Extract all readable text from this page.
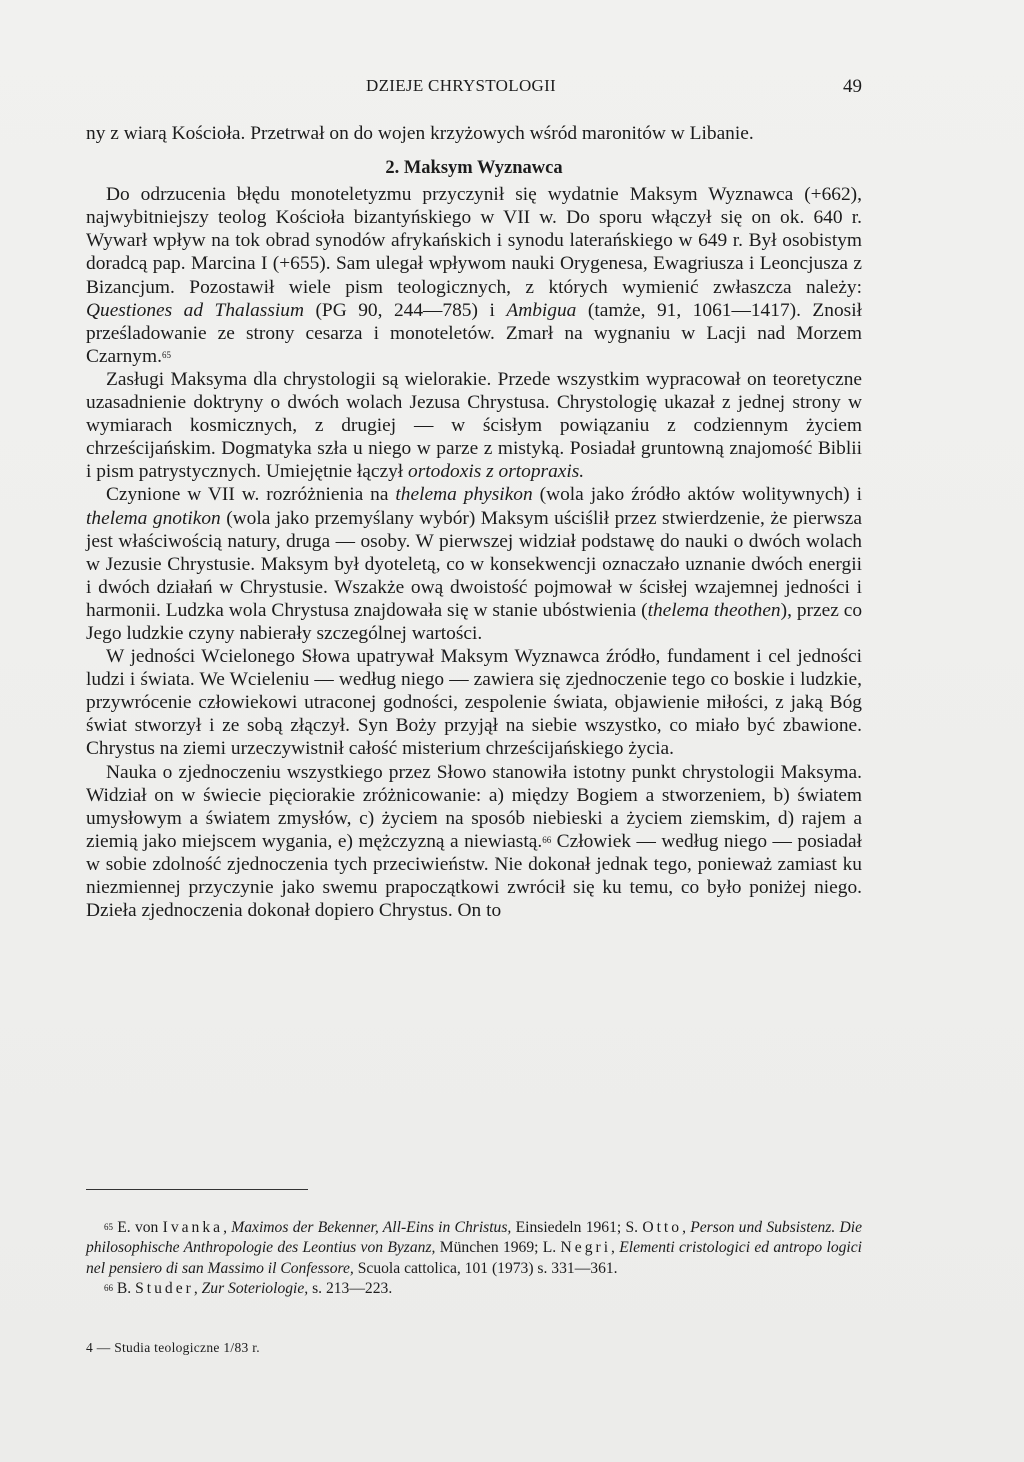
DZIEJE CHRYSTOLOGII	49

ny z wiarą Kościoła. Przetrwał on do wojen krzyżowych wśród maronitów w Libanie.

2. Maksym Wyznawca

Do odrzucenia błędu monoteletyzmu przyczynił się wydatnie Maksym Wyznawca (+662), najwybitniejszy teolog Kościoła bizantyńskiego w VII w. Do sporu włączył się on ok. 640 r. Wywarł wpływ na tok obrad synodów afrykańskich i synodu laterańskiego w 649 r. Był osobistym doradcą pap. Marcina I (+655). Sam ulegał wpływom nauki Orygenesa, Ewagriusza i Leoncjusza z Bizancjum. Pozostawił wiele pism teologicznych, z których wymienić zwłaszcza należy: Questiones ad Thalassium (PG 90, 244—785) i Ambigua (tamże, 91, 1061—1417). Znosił prześladowanie ze strony cesarza i monoteletów. Zmarł na wygnaniu w Lacji nad Morzem Czarnym.$^{65}$

Zasługi Maksyma dla chrystologii są wielorakie. Przede wszystkim wypracował on teoretyczne uzasadnienie doktryny o dwóch wolach Jezusa Chrystusa. Chrystologię ukazał z jednej strony w wymiarach kosmicznych, z drugiej — w ścisłym powiązaniu z codziennym życiem chrześcijańskim. Dogmatyka szła u niego w parze z mistyką. Posiadał gruntowną znajomość Biblii i pism patrystycznych. Umiejętnie łączył ortodoxis z ortopraxis.

Czynione w VII w. rozróżnienia na thelema physikon (wola jako źródło aktów wolitywnych) i thelema gnotikon (wola jako przemyślany wybór) Maksym uściślił przez stwierdzenie, że pierwsza jest właściwością natury, druga — osoby. W pierwszej widział podstawę do nauki o dwóch wolach w Jezusie Chrystusie. Maksym był dyoteletą, co w konsekwencji oznaczało uznanie dwóch energii i dwóch działań w Chrystusie. Wszakże ową dwoistość pojmował w ścisłej wzajemnej jedności i harmonii. Ludzka wola Chrystusa znajdowała się w stanie ubóstwienia (thelema theothen), przez co Jego ludzkie czyny nabierały szczególnej wartości.

W jedności Wcielonego Słowa upatrywał Maksym Wyznawca źródło, fundament i cel jedności ludzi i świata. We Wcieleniu — według niego — zawiera się zjednoczenie tego co boskie i ludzkie, przywrócenie człowiekowi utraconej godności, zespolenie świata, objawienie miłości, z jaką Bóg świat stworzył i ze sobą złączył. Syn Boży przyjął na siebie wszystko, co miało być zbawione. Chrystus na ziemi urzeczywistnił całość misterium chrześcijańskiego życia.

Nauka o zjednoczeniu wszystkiego przez Słowo stanowiła istotny punkt chrystologii Maksyma. Widział on w świecie pięciorakie zróżnicowanie: a) między Bogiem a stworzeniem, b) światem umysłowym a światem zmysłów, c) życiem na sposób niebieski a życiem ziemskim, d) rajem a ziemią jako miejscem wygania, e) mężczyzną a niewiastą.$^{66}$ Człowiek — według niego — posiadał w sobie zdolność zjednoczenia tych przeciwieństw. Nie dokonał jednak tego, ponieważ zamiast ku niezmiennej przyczynie jako swemu prapoczątkowi zwrócił się ku temu, co było poniżej niego. Dzieła zjednoczenia dokonał dopiero Chrystus. On to

$^{65}$ E. von Ivanka, Maximos der Bekenner, All-Eins in Christus, Einsiedeln 1961; S. Otto, Person und Subsistenz. Die philosophische Anthropologie des Leontius von Byzanz, München 1969; L. Negri, Elementi cristologici ed antropo logici nel pensiero di san Massimo il Confessore, Scuola cattolica, 101 (1973) s. 331—361.

$^{66}$ B. Studer, Zur Soteriologie, s. 213—223.

4 — Studia teologiczne 1/83 r.
